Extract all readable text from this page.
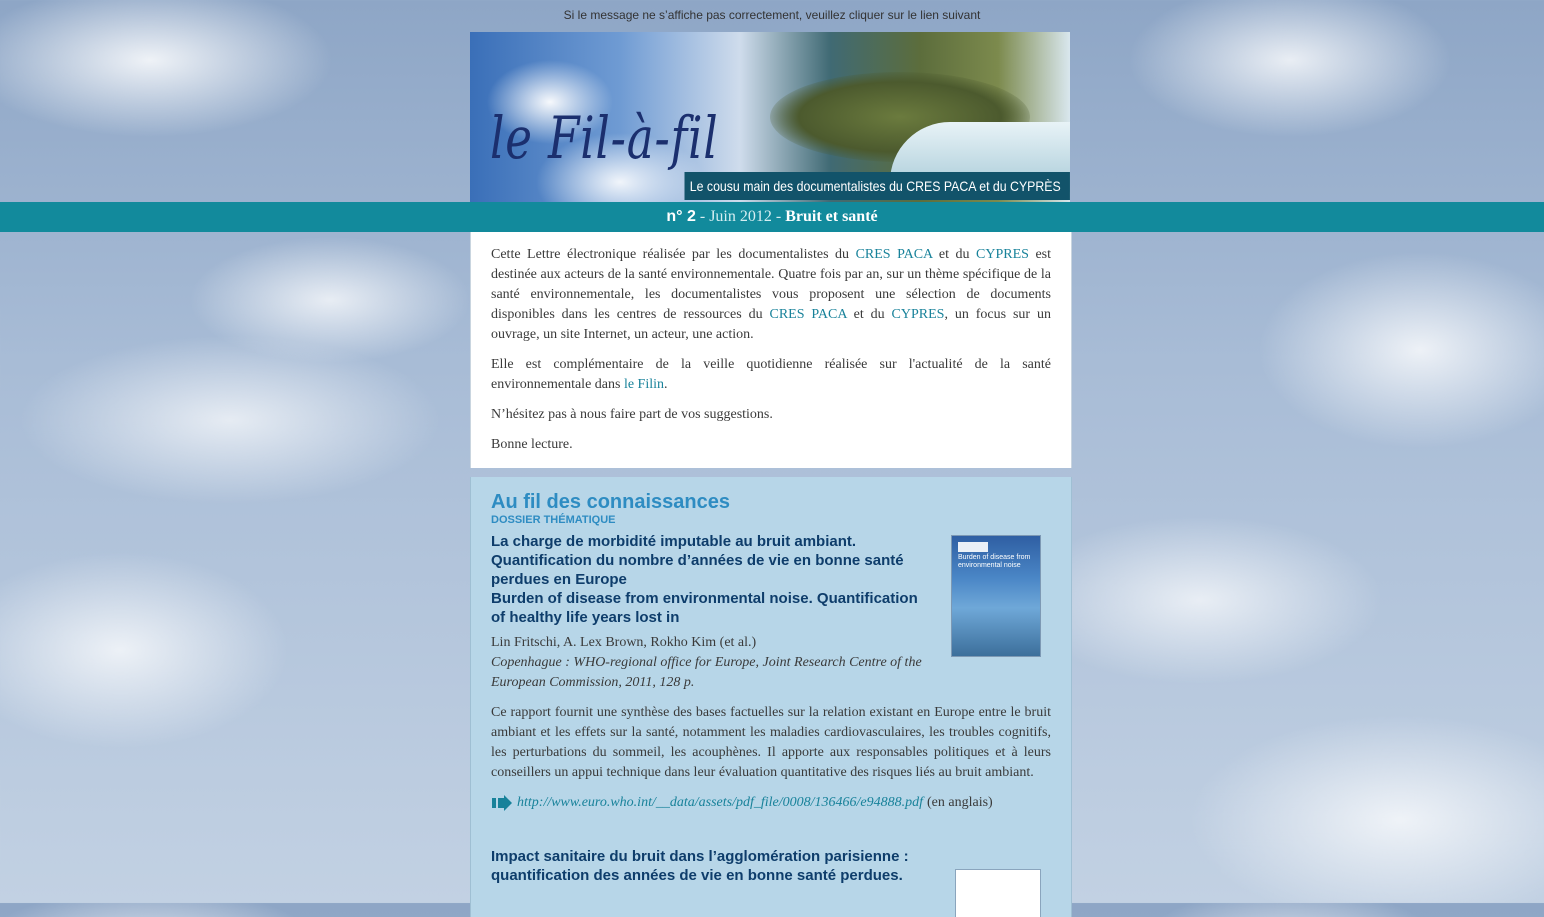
Si le message ne s’affiche pas correctement, veuillez cliquer sur le lien suivant
le Fil-à-fil
Le cousu main des documentalistes du CRES PACA et du CYPRÈS
n° 2 - Juin 2012 - Bruit et santé

Cette Lettre électronique réalisée par les documentalistes du CRES PACA et du CYPRES est destinée aux acteurs de la santé environnementale. Quatre fois par an, sur un thème spécifique de la santé environnementale, les documentalistes vous proposent une sélection de documents disponibles dans les centres de ressources du CRES PACA et du CYPRES, un focus sur un ouvrage, un site Internet, un acteur, une action.

Elle est complémentaire de la veille quotidienne réalisée sur l'actualité de la santé environnementale dans le Filin.

N’hésitez pas à nous faire part de vos suggestions.

Bonne lecture.

Au fil des connaissances
DOSSIER THÉMATIQUE
La charge de morbidité imputable au bruit ambiant.
Quantification du nombre d’années de vie en bonne santé perdues en Europe
Burden of disease from environmental noise. Quantification of healthy life years lost in

Lin Fritschi, A. Lex Brown, Rokho Kim (et al.)

Copenhague : WHO-regional office for Europe, Joint Research Centre of the European Commission, 2011, 128 p.

Ce rapport fournit une synthèse des bases factuelles sur la relation existant en Europe entre le bruit ambiant et les effets sur la santé, notamment les maladies cardiovasculaires, les troubles cognitifs, les perturbations du sommeil, les acouphènes. Il apporte aux responsables politiques et à leurs conseillers un appui technique dans leur évaluation quantitative des risques liés au bruit ambiant.

http://www.euro.who.int/__data/assets/pdf_file/0008/136466/e94888.pdf (en anglais)
Burden of disease from environmental noise
Impact sanitaire du bruit dans l’agglomération parisienne :
quantification des années de vie en bonne santé perdues.
